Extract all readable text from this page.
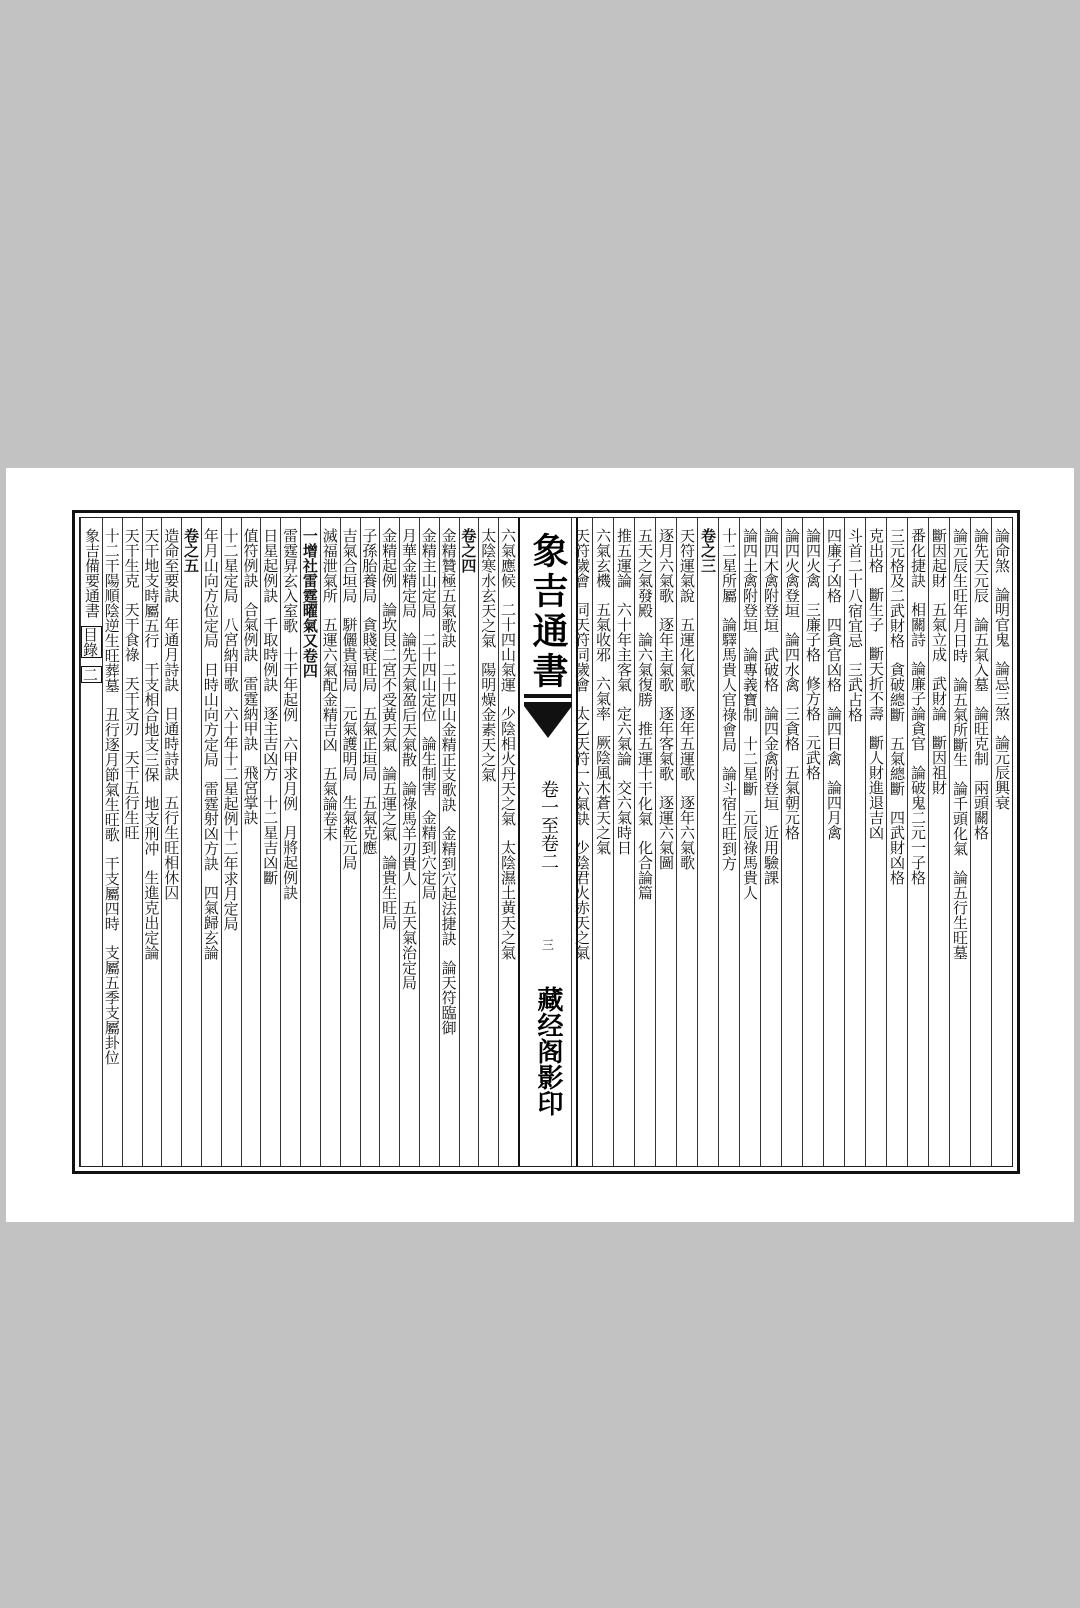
論命煞
論明官鬼
論忌三煞
論元辰興衰
論先天元辰
論五氣入墓
論旺克制
兩頭關格
論元辰生旺年月日時
論五氣所斷生
論千頭化氣
論五行生旺墓
斷因起財
五氣立成
武財論
斷因祖財
番化捷訣
相關詩
論廉子論貪官
論破鬼二元一子格
三元格及二武財格
貪破總斷
五氣總斷
四武財凶格
克出格
斷生子
斷天折不壽
斷人財進退吉凶
斗首二十八宿宜忌
三武占格
四廉子凶格
四貪官凶格
論四日禽
論四月禽
論四火禽
三廉子格
修方格
元武格
論四火禽登垣
論四水禽
三貪格
五氣朝元格
論四木禽附登垣
武破格
論四金禽附登垣
近用驗課
論四土禽附登垣
論專義寶制
十二星斷
元辰祿馬貴人
十二星所屬
論驛馬貴人官祿會局
論斗宿生旺到方
卷之三
天符運氣說
五運化氣歌
逐年五運歌
逐年六氣歌
逐月六氣歌
逐年主氣歌
逐年客氣歌
逐運六氣圖
五天之氣發殿
論六氣復勝
推五運十干化氣
化合論篇
推五運論
六十年主客氣
定六氣論
交六氣時日
六氣玄機
五氣收邪
六氣率
厥陰風木蒼天之氣
天符歲會
同天符同歲會
太乙天符一六氣訣
少陰君火赤天之氣
象吉通書
卷一至卷二
三
藏经阁影印
六氣應候
二十四山氣運
少陰相火丹天之氣
太陰濕土黃天之氣
太陰寒水玄天之氣
陽明燥金素天之氣
卷之四
金精贊極五氣歌訣
二十四山金精正支歌訣
金精到穴起法捷訣
論天符臨御
金精主山定局
二十四山定位
論生制害
金精到穴定局
月華金精定局
論先天氣盈后天氣散
論祿馬羊刃貴人
五天氣治定局
金精起例
論坎艮二宮不受黃天氣
論五運之氣
論貴生旺局
子孫胎養局
貪賤衰旺局
五氣正垣局
五氣克應
吉氣合垣局
駢儷貴福局
元氣護明局
生氣乾元局
滅福泄氣所
五運六氣配金精吉凶
五氣論卷末
一增社雷霆曜氣又卷四
雷霆昇玄入室歌
十干年起例
六甲求月例
月將起例訣
日星起例訣
千取時例訣
逐主吉凶方
十二星吉凶斷
值符例訣
合氣例訣
雷霆納甲訣
飛宮掌訣
十二星定局
八宮納甲歌
六十年十二星起例十二年求月定局
年月山向方位定局
日時山向方定局
雷霆射凶方訣
四氣歸玄論
卷之五
造命至要訣
年通月詩訣
日通時詩訣
五行生旺相休囚
天干地支時屬五行
干支相合地支三保
地支刑冲
生進克出定論
天干生克
天干食祿
天干支刃
天干五行生旺
十二干陽順陰逆生旺葬墓
丑行逐月節氣生旺歌
干支屬四時
支屬五季支屬卦位
象吉備要通書
目錄
二
